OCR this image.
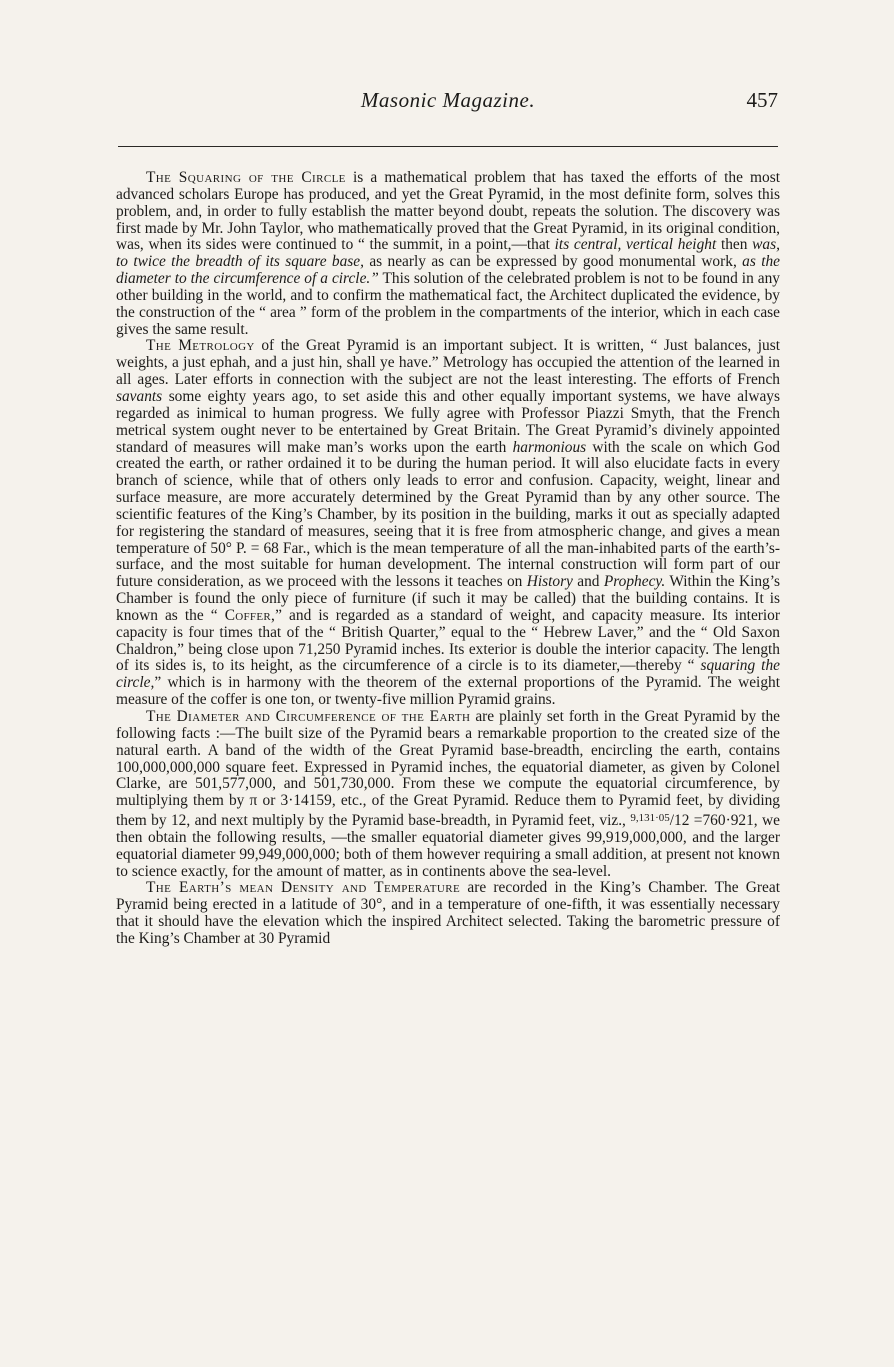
Masonic Magazine.	457

The Squaring of the Circle is a mathematical problem that has taxed the efforts of the most advanced scholars Europe has produced, and yet the Great Pyramid, in the most definite form, solves this problem, and, in order to fully establish the matter beyond doubt, repeats the solution. The discovery was first made by Mr. John Taylor, who mathematically proved that the Great Pyramid, in its original condition, was, when its sides were continued to “ the summit, in a point,—that its central, vertical height then was, to twice the breadth of its square base, as nearly as can be expressed by good monumental work, as the diameter to the circumference of a circle.” This solution of the celebrated problem is not to be found in any other building in the world, and to confirm the mathematical fact, the Architect duplicated the evidence, by the construction of the “ area ” form of the problem in the compartments of the interior, which in each case gives the same result.

The Metrology of the Great Pyramid is an important subject. It is written, “ Just balances, just weights, a just ephah, and a just hin, shall ye have.” Metrology has occupied the attention of the learned in all ages. Later efforts in connection with the subject are not the least interesting. The efforts of French savants some eighty years ago, to set aside this and other equally important systems, we have always regarded as inimical to human progress. We fully agree with Professor Piazzi Smyth, that the French metrical system ought never to be entertained by Great Britain. The Great Pyramid’s divinely appointed standard of measures will make man’s works upon the earth harmonious with the scale on which God created the earth, or rather ordained it to be during the human period. It will also elucidate facts in every branch of science, while that of others only leads to error and confusion. Capacity, weight, linear and surface measure, are more accurately determined by the Great Pyramid than by any other source. The scientific features of the King’s Chamber, by its position in the building, marks it out as specially adapted for registering the standard of measures, seeing that it is free from atmospheric change, and gives a mean temperature of 50° P. = 68 Far., which is the mean temperature of all the man-inhabited parts of the earth’s-surface, and the most suitable for human development. The internal construction will form part of our future consideration, as we proceed with the lessons it teaches on History and Prophecy. Within the King’s Chamber is found the only piece of furniture (if such it may be called) that the building contains. It is known as the “ Coffer,” and is regarded as a standard of weight, and capacity measure. Its interior capacity is four times that of the “ British Quarter,” equal to the “ Hebrew Laver,” and the “ Old Saxon Chaldron,” being close upon 71,250 Pyramid inches. Its exterior is double the interior capacity. The length of its sides is, to its height, as the circumference of a circle is to its diameter,—thereby “ squaring the circle,” which is in harmony with the theorem of the external proportions of the Pyramid. The weight measure of the coffer is one ton, or twenty-five million Pyramid grains.

The Diameter and Circumference of the Earth are plainly set forth in the Great Pyramid by the following facts :—The built size of the Pyramid bears a remarkable proportion to the created size of the natural earth. A band of the width of the Great Pyramid base-breadth, encircling the earth, contains 100,000,000,000 square feet. Expressed in Pyramid inches, the equatorial diameter, as given by Colonel Clarke, are 501,577,000, and 501,730,000. From these we compute the equatorial circumference, by multiplying them by π or 3·14159, etc., of the Great Pyramid. Reduce them to Pyramid feet, by dividing them by 12, and next multiply by the Pyramid base-breadth, in Pyramid feet, viz., $^{9,131\cdot 05}$/12 =760·921, we then obtain the following results, —the smaller equatorial diameter gives 99,919,000,000, and the larger equatorial diameter 99,949,000,000; both of them however requiring a small addition, at present not known to science exactly, for the amount of matter, as in continents above the sea-level.

The Earth’s mean Density and Temperature are recorded in the King’s Chamber. The Great Pyramid being erected in a latitude of 30°, and in a temperature of one-fifth, it was essentially necessary that it should have the elevation which the inspired Architect selected. Taking the barometric pressure of the King’s Chamber at 30 Pyramid
